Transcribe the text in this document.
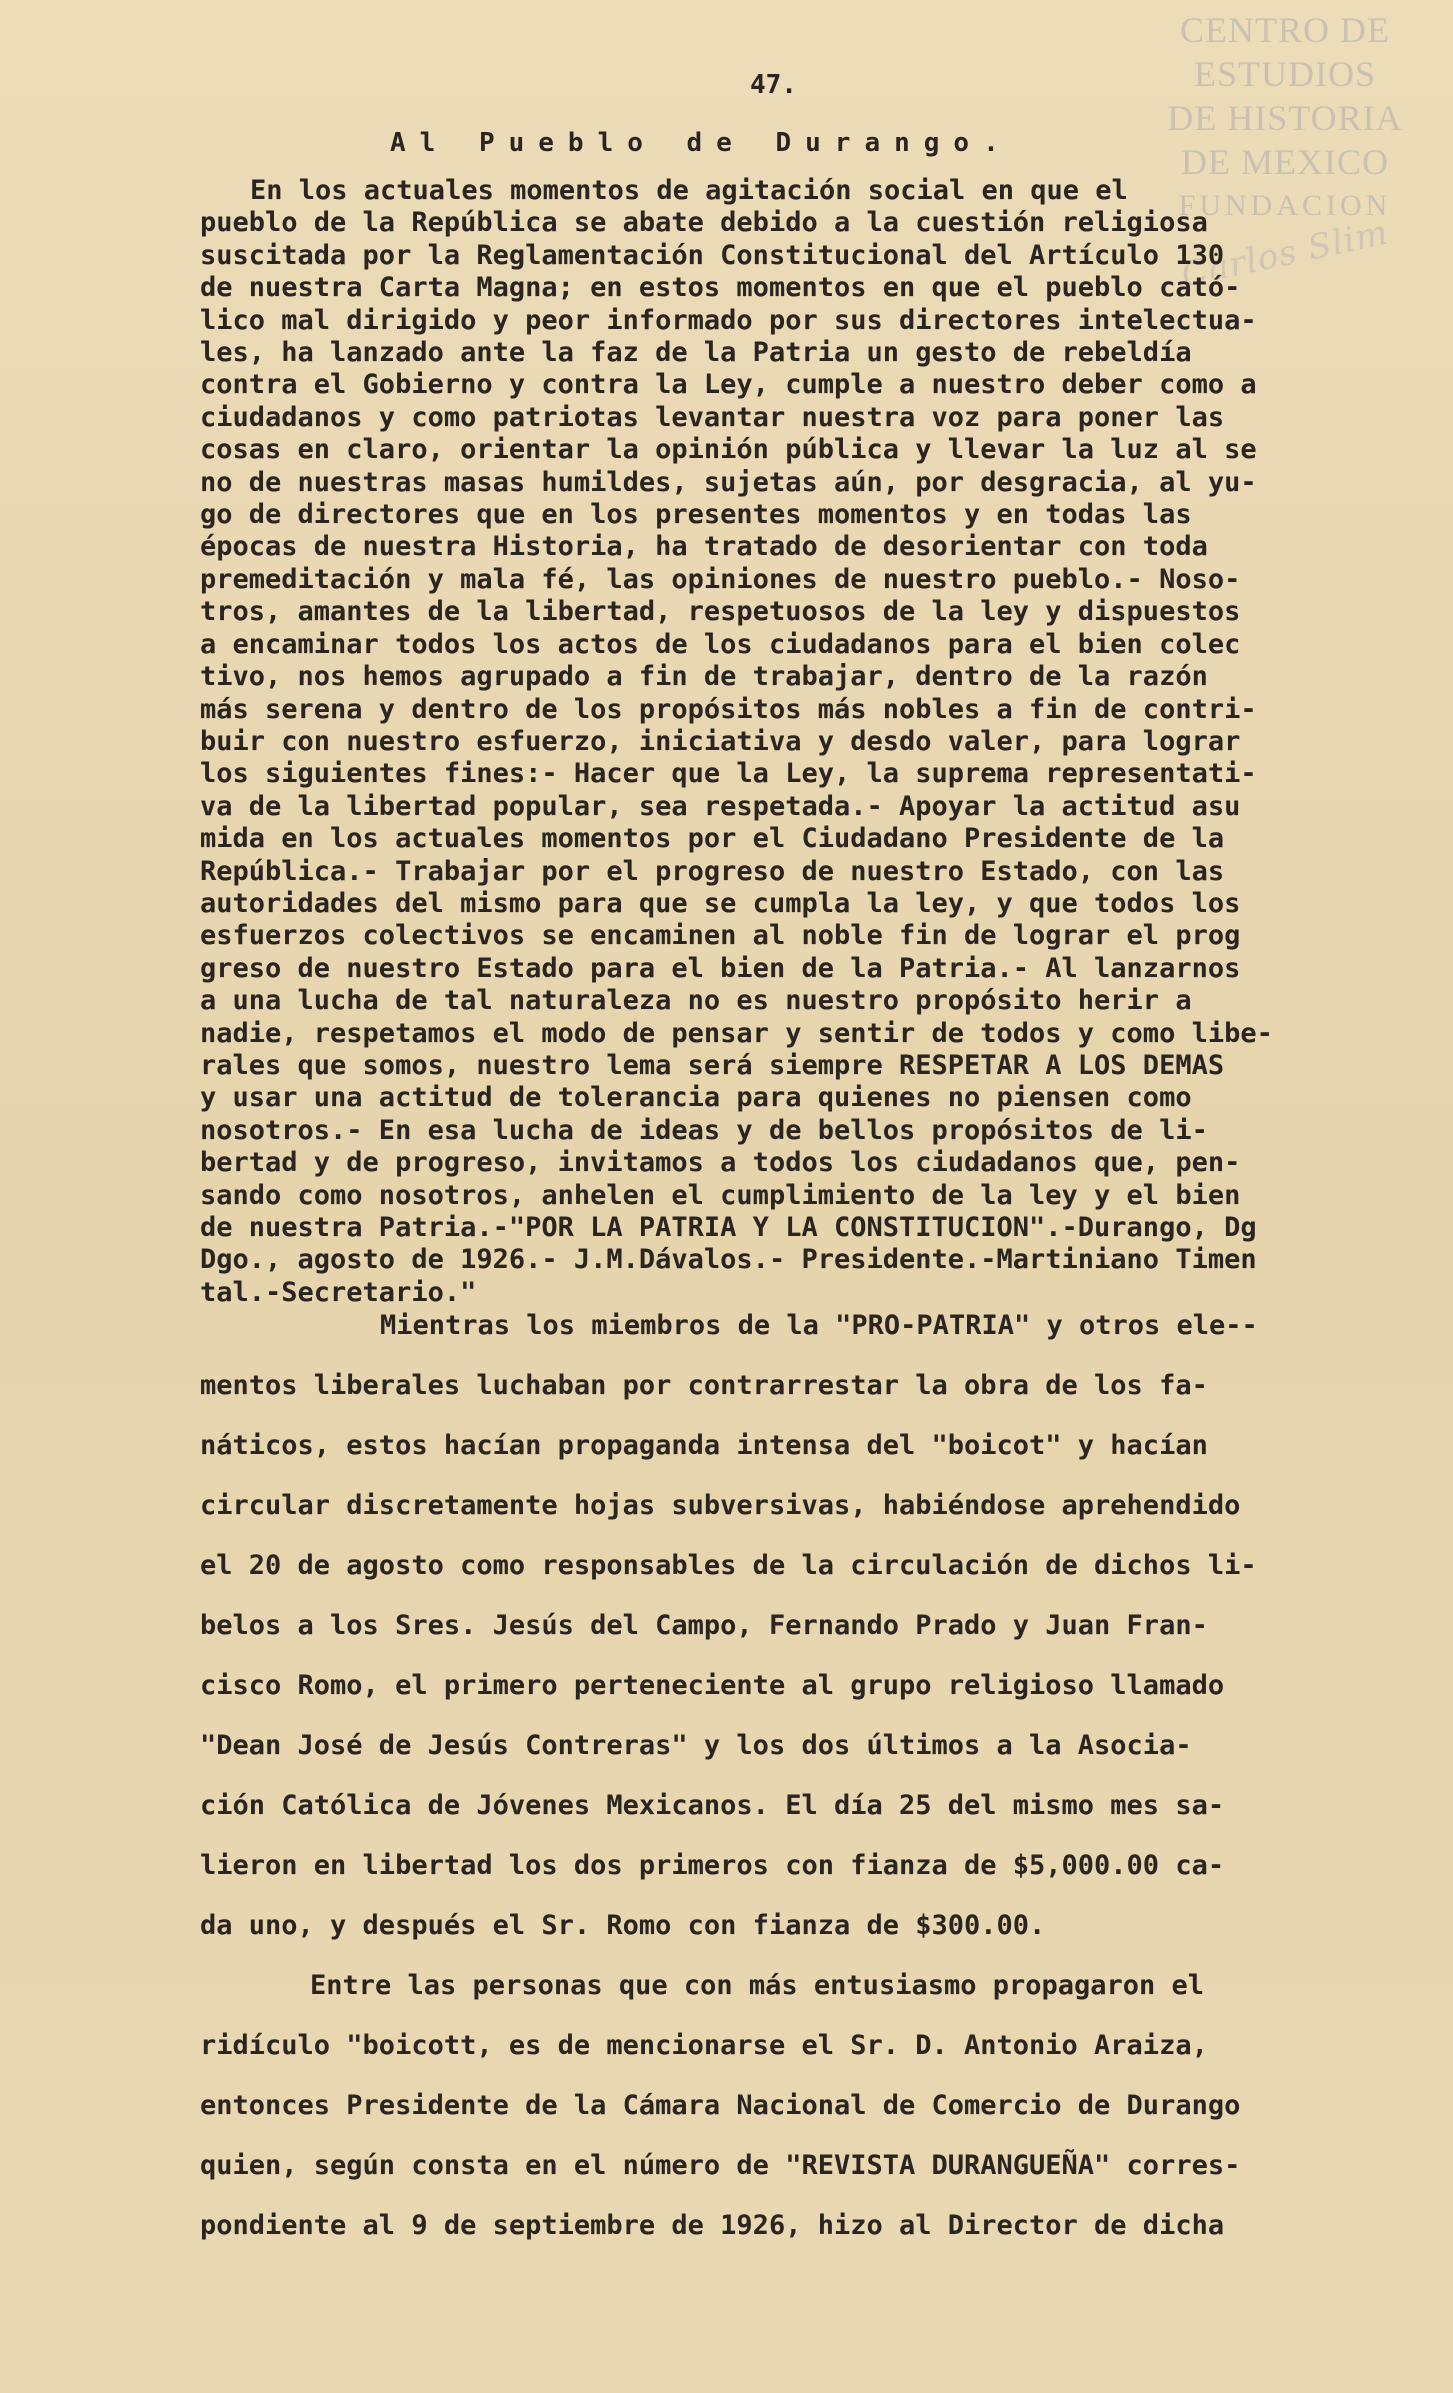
CENTRO DE
ESTUDIOS
DE HISTORIA
DE MEXICO
FUNDACION
Carlos Slim
47.
Al Pueblo de Durango.
En los actuales momentos de agitación social en que el
pueblo de la República se abate debido a la cuestión religiosa
suscitada por la Reglamentación Constitucional del Artículo 130
de nuestra Carta Magna; en estos momentos en que el pueblo cató-
lico mal dirigido y peor informado por sus directores intelectua-
les, ha lanzado ante la faz de la Patria un gesto de rebeldía
contra el Gobierno y contra la Ley, cumple a nuestro deber como a
ciudadanos y como patriotas levantar nuestra voz para poner las
cosas en claro, orientar la opinión pública y llevar la luz al se
no de nuestras masas humildes, sujetas aún, por desgracia, al yu-
go de directores que en los presentes momentos y en todas las
épocas de nuestra Historia, ha tratado de desorientar con toda
premeditación y mala fé, las opiniones de nuestro pueblo.- Noso-
tros, amantes de la libertad, respetuosos de la ley y dispuestos
a encaminar todos los actos de los ciudadanos para el bien colec
tivo, nos hemos agrupado a fin de trabajar, dentro de la razón
más serena y dentro de los propósitos más nobles a fin de contri-
buir con nuestro esfuerzo, iniciativa y desdo valer, para lograr
los siguientes fines:- Hacer que la Ley, la suprema representati-
va de la libertad popular, sea respetada.- Apoyar la actitud asu
mida en los actuales momentos por el Ciudadano Presidente de la
República.- Trabajar por el progreso de nuestro Estado, con las
autoridades del mismo para que se cumpla la ley, y que todos los
esfuerzos colectivos se encaminen al noble fin de lograr el prog
greso de nuestro Estado para el bien de la Patria.- Al lanzarnos
a una lucha de tal naturaleza no es nuestro propósito herir a
nadie, respetamos el modo de pensar y sentir de todos y como libe-
rales que somos, nuestro lema será siempre RESPETAR A LOS DEMAS
y usar una actitud de tolerancia para quienes no piensen como
nosotros.- En esa lucha de ideas y de bellos propósitos de li-
bertad y de progreso, invitamos a todos los ciudadanos que, pen-
sando como nosotros, anhelen el cumplimiento de la ley y el bien
de nuestra Patria.-"POR LA PATRIA Y LA CONSTITUCION".-Durango, Dg
Dgo., agosto de 1926.- J.M.Dávalos.- Presidente.-Martiniano Timen
tal.-Secretario."
Mientras los miembros de la "PRO-PATRIA" y otros ele--
mentos liberales luchaban por contrarrestar la obra de los fa-
náticos, estos hacían propaganda intensa del "boicot" y hacían
circular discretamente hojas subversivas, habiéndose aprehendido
el 20 de agosto como responsables de la circulación de dichos li-
belos a los Sres. Jesús del Campo, Fernando Prado y Juan Fran-
cisco Romo, el primero perteneciente al grupo religioso llamado
"Dean José de Jesús Contreras" y los dos últimos a la Asocia-
ción Católica de Jóvenes Mexicanos. El día 25 del mismo mes sa-
lieron en libertad los dos primeros con fianza de $5,000.00 ca-
da uno, y después el Sr. Romo con fianza de $300.00.
Entre las personas que con más entusiasmo propagaron el
ridículo "boicott, es de mencionarse el Sr. D. Antonio Araiza,
entonces Presidente de la Cámara Nacional de Comercio de Durango
quien, según consta en el número de "REVISTA DURANGUEÑA" corres-
pondiente al 9 de septiembre de 1926, hizo al Director de dicha
